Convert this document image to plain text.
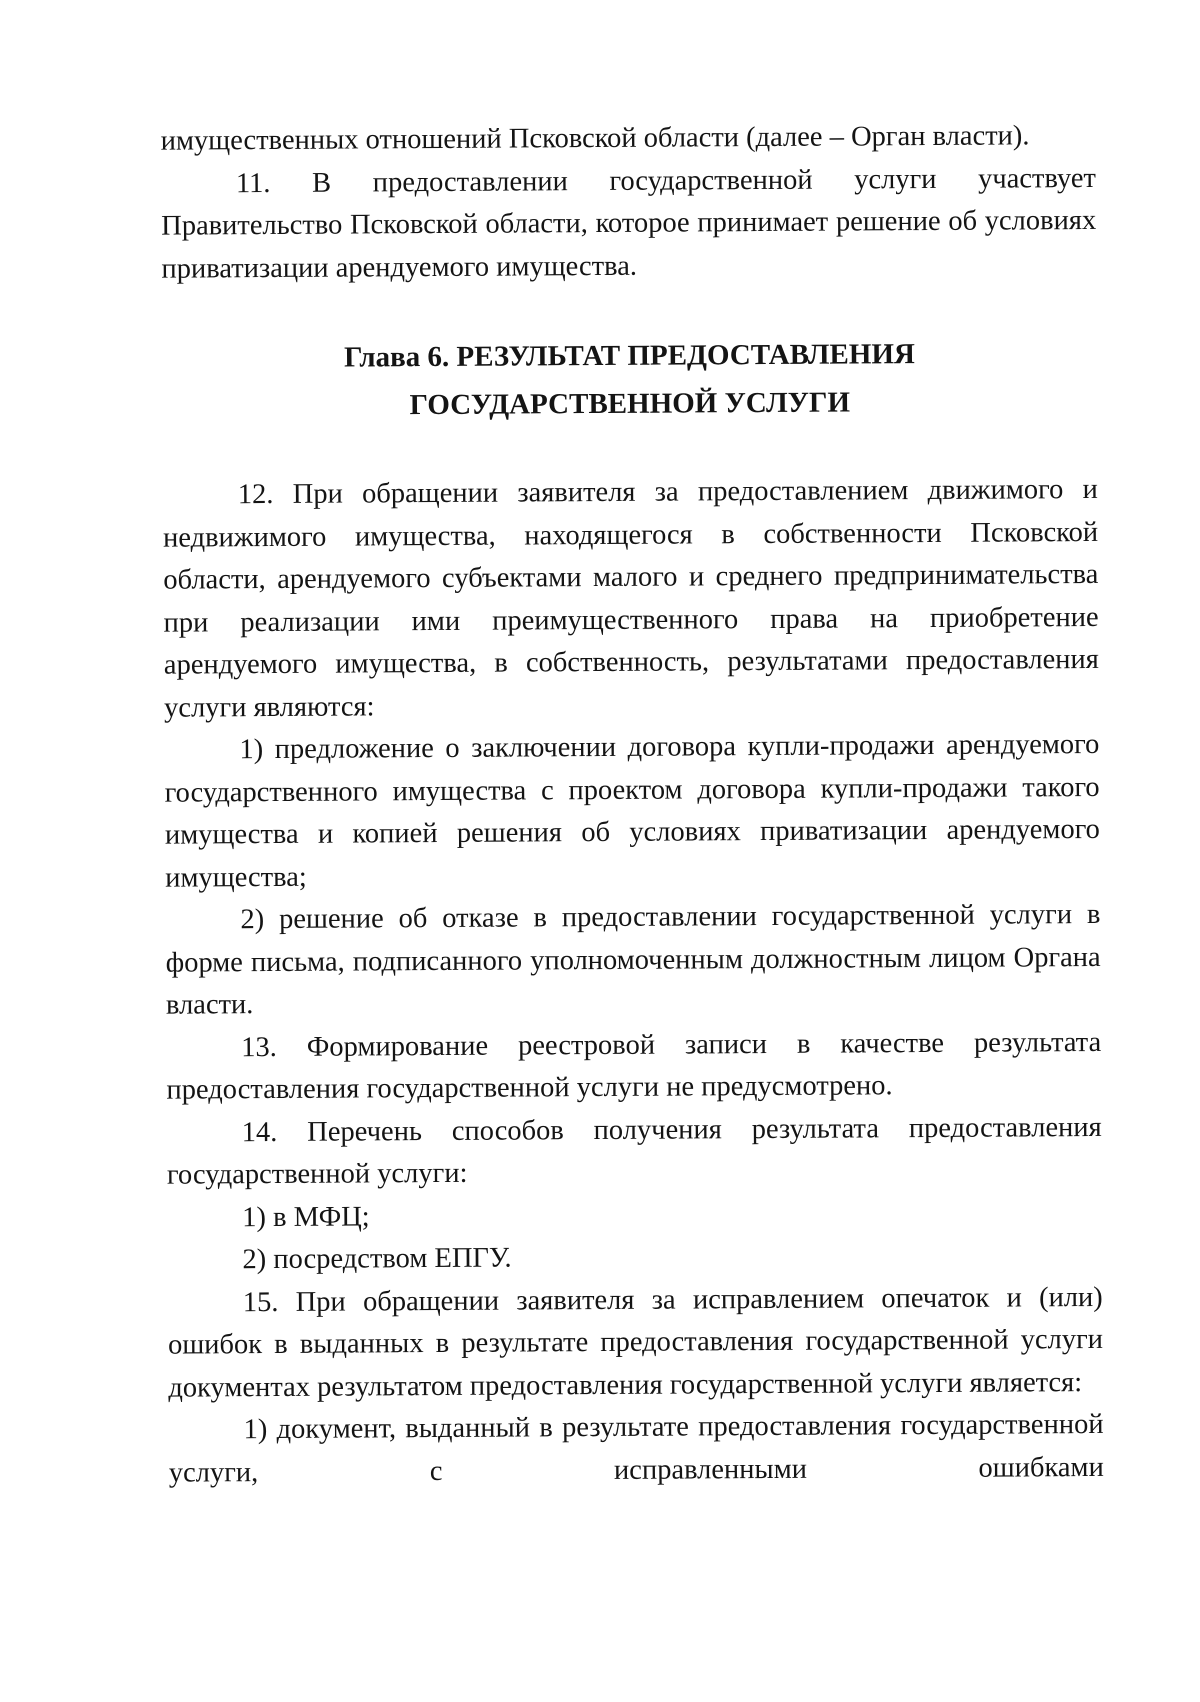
имущественных отношений Псковской области (далее – Орган власти).

11. В предоставлении государственной услуги участвует Правительство Псковской области, которое принимает решение об условиях приватизации арендуемого имущества.

Глава 6. РЕЗУЛЬТАТ ПРЕДОСТАВЛЕНИЯ
ГОСУДАРСТВЕННОЙ УСЛУГИ

12. При обращении заявителя за предоставлением движимого и недвижимого имущества, находящегося в собственности Псковской области, арендуемого субъектами малого и среднего предпринимательства при реализации ими преимущественного права на приобретение арендуемого имущества, в собственность, результатами предоставления услуги являются:

1) предложение о заключении договора купли-продажи арендуемого государственного имущества с проектом договора купли-продажи такого имущества и копией решения об условиях приватизации арендуемого имущества;

2) решение об отказе в предоставлении государственной услуги в форме письма, подписанного уполномоченным должностным лицом Органа власти.

13. Формирование реестровой записи в качестве результата предоставления государственной услуги не предусмотрено.

14. Перечень способов получения результата предоставления государственной услуги:

1) в МФЦ;

2) посредством ЕПГУ.

15. При обращении заявителя за исправлением опечаток и (или) ошибок в выданных в результате предоставления государственной услуги документах результатом предоставления государственной услуги является:

1) документ, выданный в результате предоставления государственной услуги, с исправленными ошибками
